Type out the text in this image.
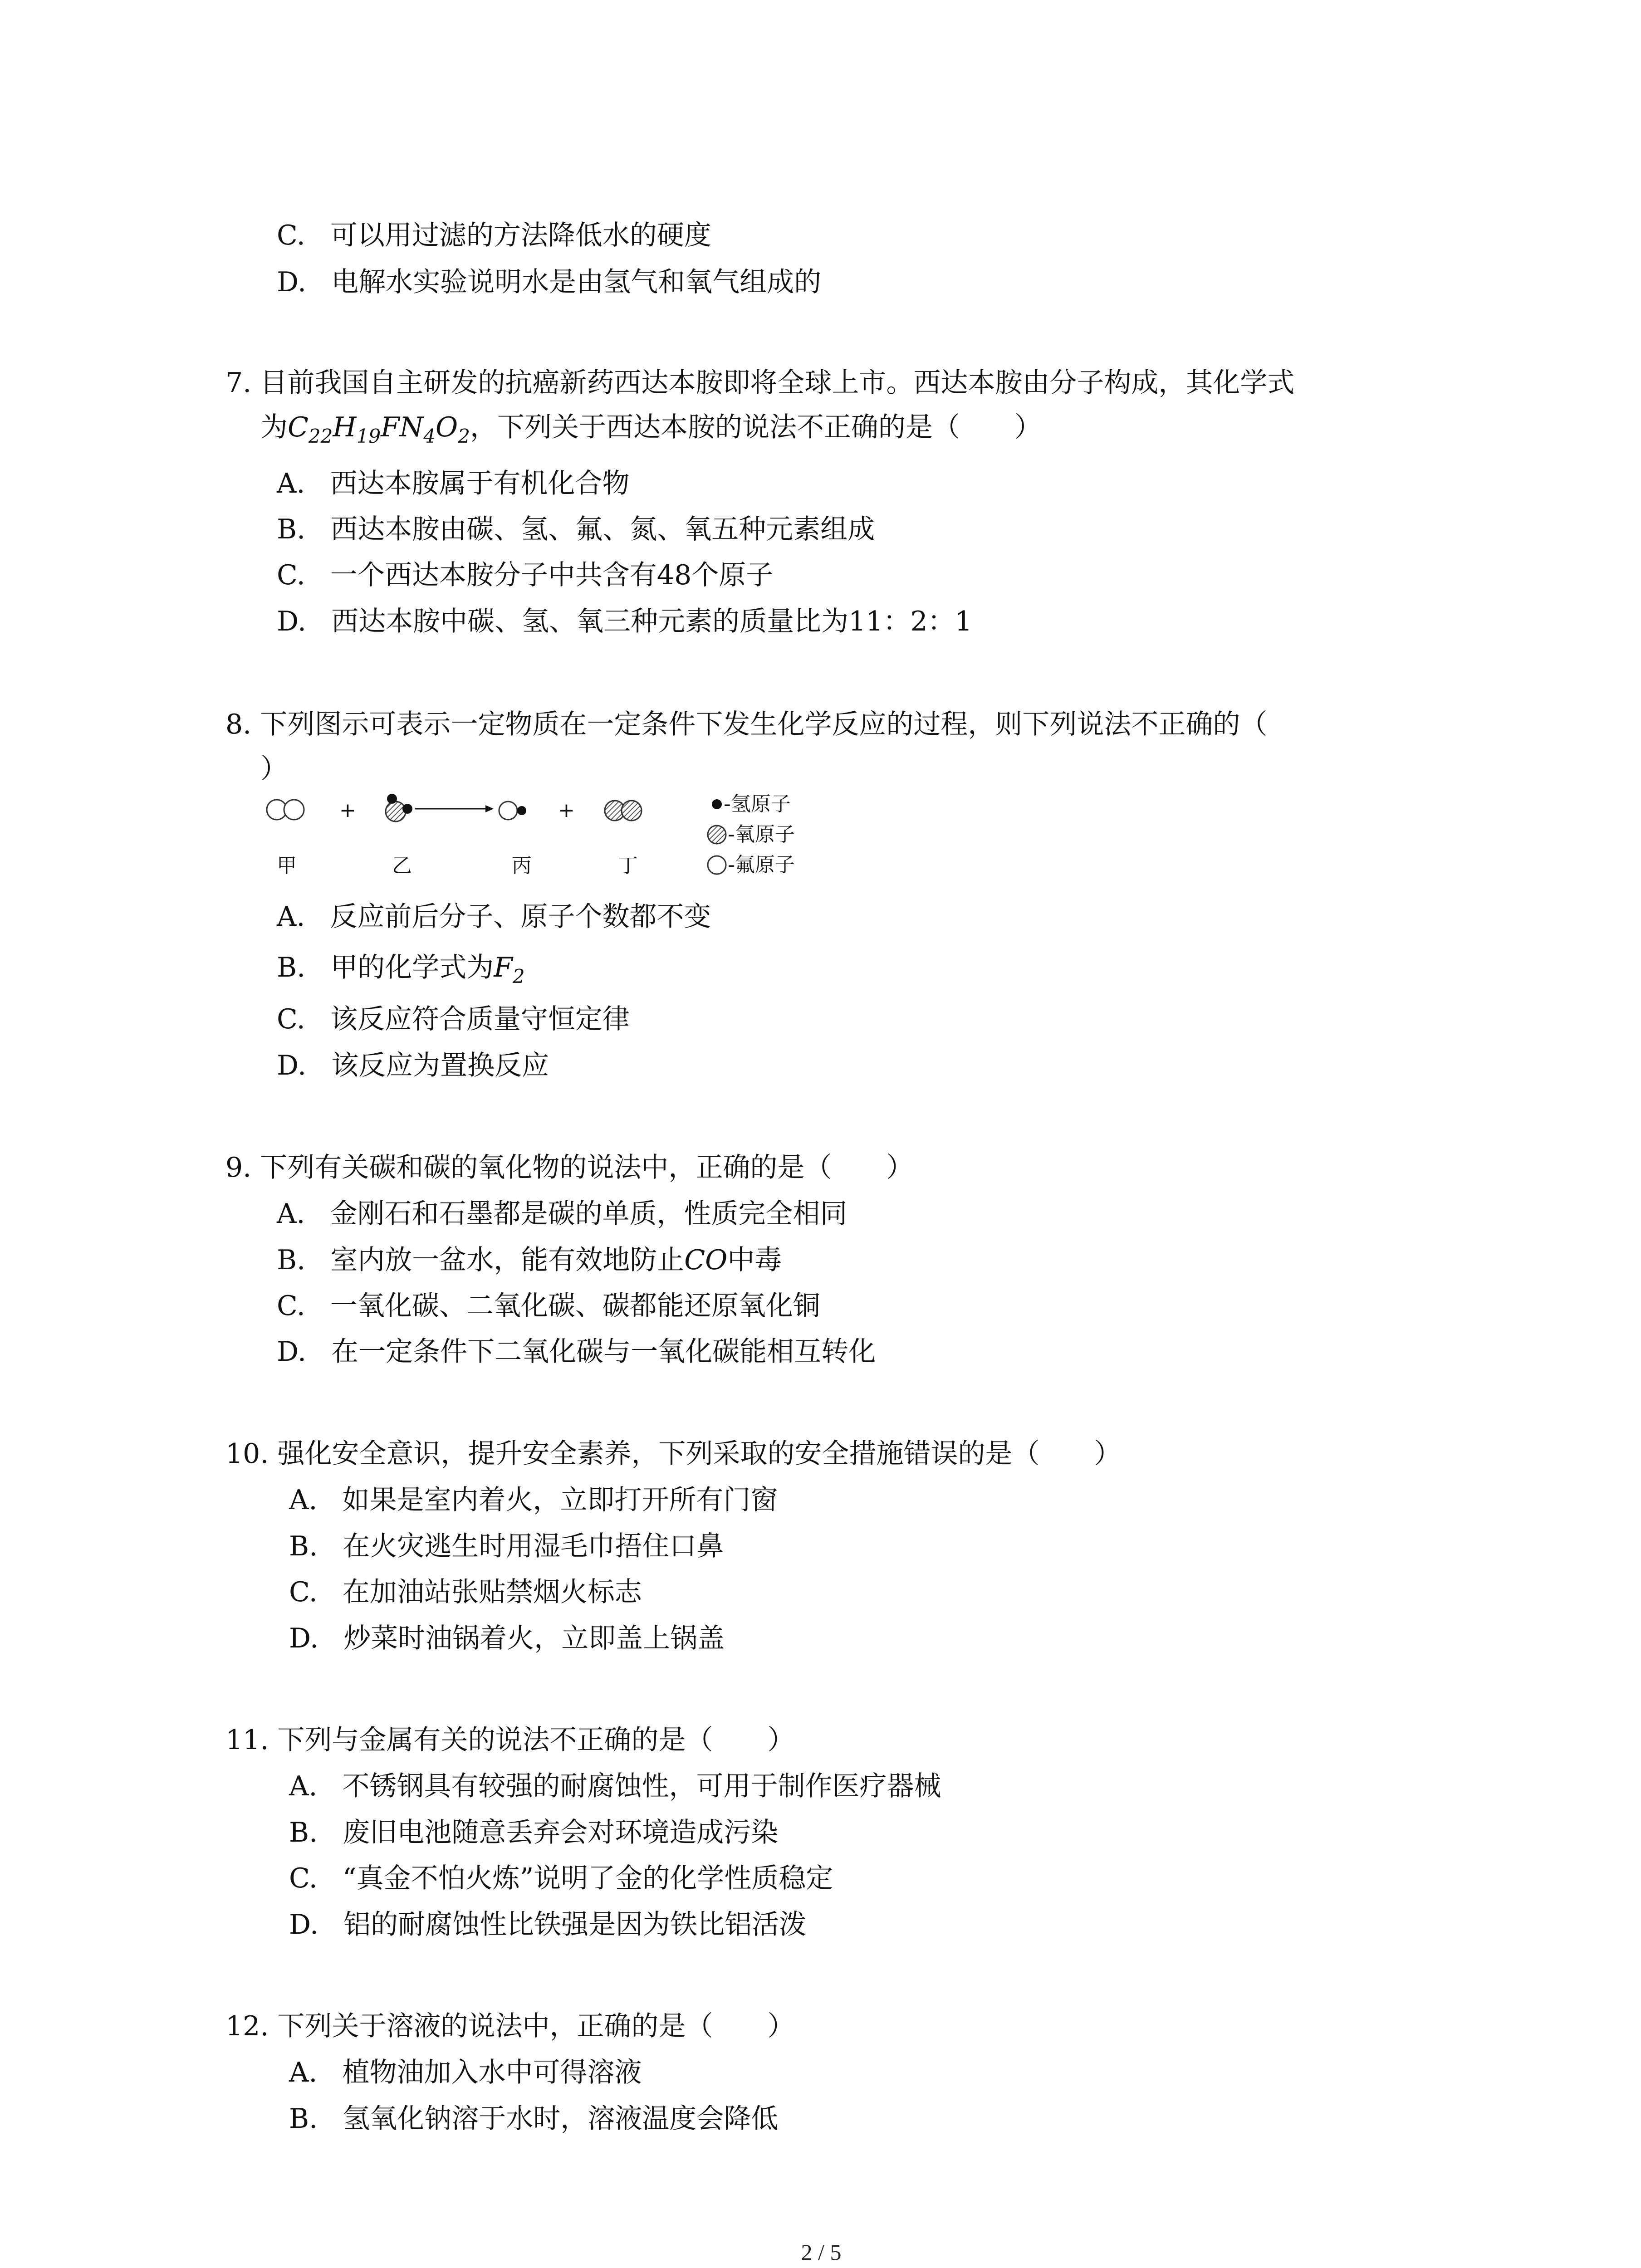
C. 可以用过滤的方法降低水的硬度
D. 电解水实验说明水是由氢气和氧气组成的
7. 目前我国自主研发的抗癌新药西达本胺即将全球上市。西达本胺由分子构成，其化学式
为$C_{22}H_{19}FN_4O_2$，下列关于西达本胺的说法不正确的是（　　）
A. 西达本胺属于有机化合物
B. 西达本胺由碳、氢、氟、氮、氧五种元素组成
C. 一个西达本胺分子中共含有48个原子
D. 西达本胺中碳、氢、氧三种元素的质量比为11：2：1
8. 下列图示可表示一定物质在一定条件下发生化学反应的过程，则下列说法不正确的（
）
+	+
甲	乙	丙	丁
-氢原子
-氧原子
-氟原子
A. 反应前后分子、原子个数都不变
B. 甲的化学式为$F_2$
C. 该反应符合质量守恒定律
D. 该反应为置换反应
9. 下列有关碳和碳的氧化物的说法中，正确的是（　　）
A. 金刚石和石墨都是碳的单质，性质完全相同
B. 室内放一盆水，能有效地防止CO中毒
C. 一氧化碳、二氧化碳、碳都能还原氧化铜
D. 在一定条件下二氧化碳与一氧化碳能相互转化
10. 强化安全意识，提升安全素养，下列采取的安全措施错误的是（　　）
A. 如果是室内着火，立即打开所有门窗
B. 在火灾逃生时用湿毛巾捂住口鼻
C. 在加油站张贴禁烟火标志
D. 炒菜时油锅着火，立即盖上锅盖
11. 下列与金属有关的说法不正确的是（　　）
A. 不锈钢具有较强的耐腐蚀性，可用于制作医疗器械
B. 废旧电池随意丢弃会对环境造成污染
C. “真金不怕火炼”说明了金的化学性质稳定
D. 铝的耐腐蚀性比铁强是因为铁比铝活泼
12. 下列关于溶液的说法中，正确的是（　　）
A. 植物油加入水中可得溶液
B. 氢氧化钠溶于水时，溶液温度会降低
2 / 5
